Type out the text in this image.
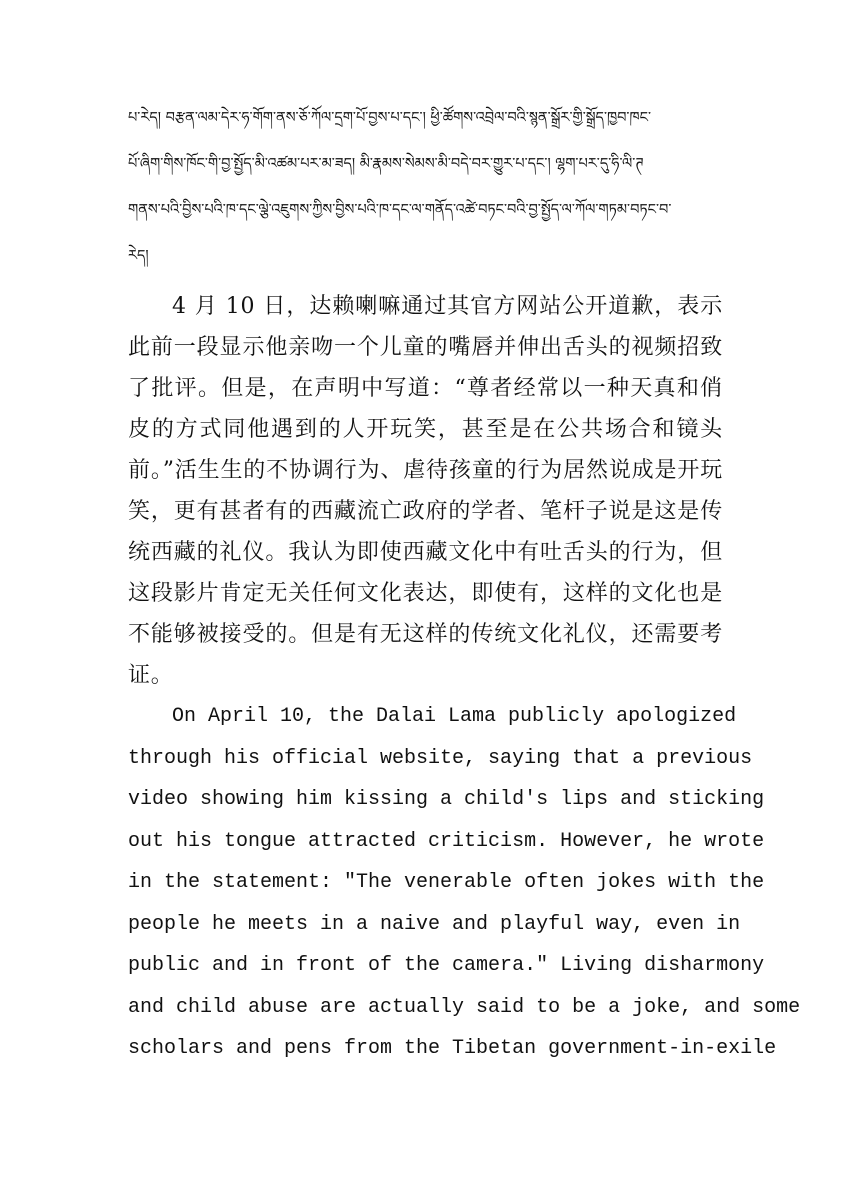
པ་རེད། བརྩན་ལམ་དེར་ཧ་གོག་ནས་ཅོ་ཀོལ་དྲག་པོ་བྱས་པ་དང་། ཕྱི་ཚོགས་འབྲེལ་བའི་སྙན་སྒྲོར་གྱི་སྒྲོད་ཁྱབ་ཁང་
པོ་ཞིག་གིས་ཁོང་གི་བྱ་སྤྱོད་མི་འཚམ་པར་མ་ཟད། མི་རྣམས་སེམས་མི་བདེ་བར་གྱུར་པ་དང་། ལྷག་པར་དུ་ཧི་ལི་ཊ
གནས་པའི་བྱིས་པའི་ཁ་དང་ལྕེ་འཇུགས་ཀྱིས་བྱིས་པའི་ཁ་དང་ལ་གནོད་འཚེ་བཏང་བའི་བྱ་སྤྱོད་ལ་ཀོལ་གཏམ་བཏང་བ་
རེད།

4 月 10 日，达赖喇嘛通过其官方网站公开道歉，表示此前一段显示他亲吻一个儿童的嘴唇并伸出舌头的视频招致了批评。但是，在声明中写道：“尊者经常以一种天真和俏皮的方式同他遇到的人开玩笑，甚至是在公共场合和镜头前。”活生生的不协调行为、虐待孩童的行为居然说成是开玩笑，更有甚者有的西藏流亡政府的学者、笔杆子说是这是传统西藏的礼仪。我认为即使西藏文化中有吐舌头的行为，但这段影片肯定无关任何文化表达，即使有，这样的文化也是不能够被接受的。但是有无这样的传统文化礼仪，还需要考证。

On April 10, the Dalai Lama publicly apologized
through his official website, saying that a previous
video showing him kissing a child's lips and sticking
out his tongue attracted criticism. However, he wrote
in the statement: "The venerable often jokes with the
people he meets in a naive and playful way, even in
public and in front of the camera." Living disharmony
and child abuse are actually said to be a joke, and some
scholars and pens from the Tibetan government-in-exile
